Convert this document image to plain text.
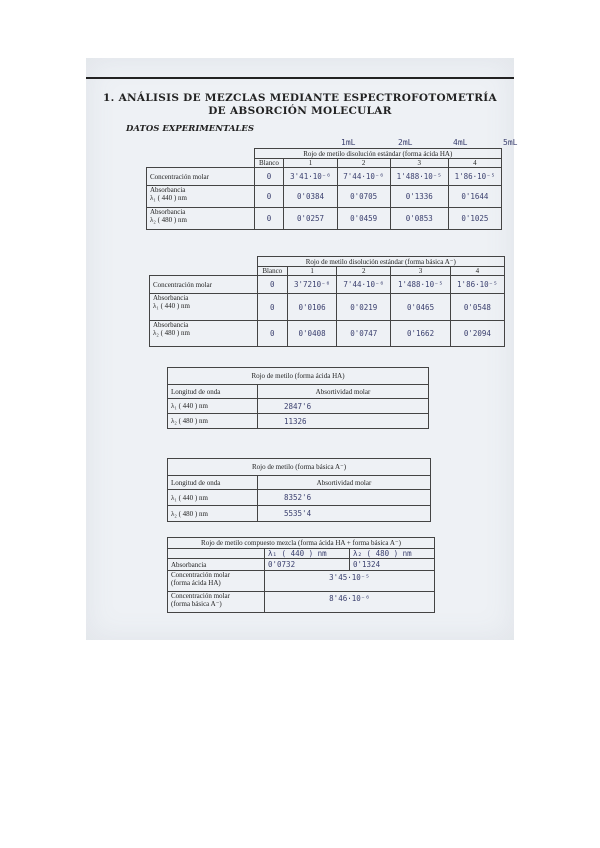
1. ANÁLISIS DE MEZCLAS MEDIANTE ESPECTROFOTOMETRÍA
DE ABSORCIÓN MOLECULAR
DATOS EXPERIMENTALES
1mL	2mL	4mL	5mL
	Rojo de metilo disolución estándar (forma ácida HA)				
	Blanco	1	2	3	4
Concentración molar	0	3'41·10⁻⁶	7'44·10⁻⁶	1'488·10⁻⁵	1'86·10⁻⁵

Absorbancia
λ₁ ( 440 ) nm	0	0'0384	0'0705	0'1336	0'1644

Absorbancia
λ₂ ( 480 ) nm	0	0'0257	0'0459	0'0853	0'1025
	Rojo de metilo disolución estándar (forma básica A⁻)				
	Blanco	1	2	3	4
Concentración molar	0	3'7210⁻⁶	7'44·10⁻⁶	1'488·10⁻⁵	1'86·10⁻⁵

Absorbancia
λ₁ ( 440 ) nm	0	0'0106	0'0219	0'0465	0'0548

Absorbancia
λ₂ ( 480 ) nm	0	0'0408	0'0747	0'1662	0'2094
Rojo de metilo (forma ácida HA)	
Longitud de onda	Absortividad molar
λ₁ ( 440 ) nm	2847'6
λ₂ ( 480 ) nm	11326
Rojo de metilo (forma básica A⁻)	
Longitud de onda	Absortividad molar
λ₁ ( 440 ) nm	8352'6
λ₂ ( 480 ) nm	5535'4
Rojo de metilo compuesto mezcla (forma ácida HA + forma básica A⁻)		
	λ₁ ( 440 ) nm	λ₂ ( 480 ) nm
Absorbancia	0'0732	0'1324

Concentración molar
(forma ácida HA)	3'45·10⁻⁵	

Concentración molar
(forma básica A⁻)	8'46·10⁻⁶	
